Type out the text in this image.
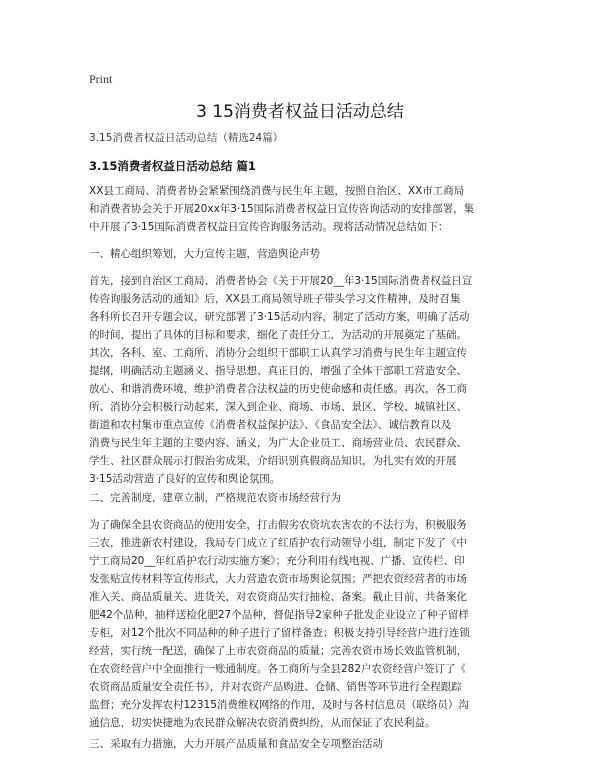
Print
3 15消费者权益日活动总结
3.15消费者权益日活动总结（精选24篇）
3.15消费者权益日活动总结 篇1
XX县工商局、消费者协会紧紧围绕消费与民生年主题，按照自治区、XX市工商局
和消费者协会关于开展20xx年3·15国际消费者权益日宣传咨询活动的安排部署，集
中开展了3·15国际消费者权益日宣传咨询服务活动。现将活动情况总结如下：
一、精心组织筹划，大力宣传主题，营造舆论声势
首先，接到自治区工商局、消费者协会《关于开展20__年3·15国际消费者权益日宣
传咨询服务活动的通知》后，XX县工商局领导班子带头学习文件精神，及时召集
各科所长召开专题会议，研究部署了3·15活动内容，制定了活动方案，明确了活动
的时间，提出了具体的目标和要求，细化了责任分工，为活动的开展奠定了基础。
其次，各科、室、工商所、消协分会组织干部职工认真学习消费与民生年主题宣传
提纲，明确活动主题涵义、指导思想、真正目的，增强了全体干部职工营造安全、
放心、和谐消费环境，维护消费者合法权益的历史使命感和责任感。再次，各工商
所、消协分会积极行动起来，深入到企业、商场、市场、景区、学校、城镇社区、
街道和农村集市重点宣传《消费者权益保护法》、《食品安全法》、诚信教育以及
消费与民生年主题的主要内容、涵义，为广大企业员工、商场营业员、农民群众、
学生、社区群众展示打假治劣成果，介绍识别真假商品知识，为扎实有效的开展
3·15活动营造了良好的宣传和舆论氛围。
二、完善制度，建章立制，严格规范农资市场经营行为
为了确保全县农资商品的使用安全，打击假劣农资坑农害农的不法行为，积极服务
三农，推进新农村建设，我局专门成立了红盾护农行动领导小组，制定下发了《中
宁工商局20__年红盾护农行动实施方案》；充分利用有线电视、广播、宣传栏、印
发张贴宣传材料等宣传形式，大力营造农资市场舆论氛围；严把农资经营者的市场
准入关、商品质量关、进货关，对农资商品实行抽检、备案。截止目前，共备案化
肥42个品种，抽样送检化肥27个品种，督促指导2家种子批发企业设立了种子留样
专柜，对12个批次不同品种的种子进行了留样备查；积极支持引导经营户进行连锁
经营，实行统一配送，确保了上市农资商品的质量；完善农资市场长效监管机制，
在农资经营户中全面推行一账通制度。各工商所与全县282户农资经营户签订了《
农资商品质量安全责任书》，并对农资产品购进、仓储、销售等环节进行全程跟踪
监督；充分发挥农村12315消费维权网络的作用，及时与各村信息员（联络员）沟
通信息，切实快捷地为农民群众解决农资消费纠纷，从而保证了农民利益。
三、采取有力措施，大力开展产品质量和食品安全专项整治活动
